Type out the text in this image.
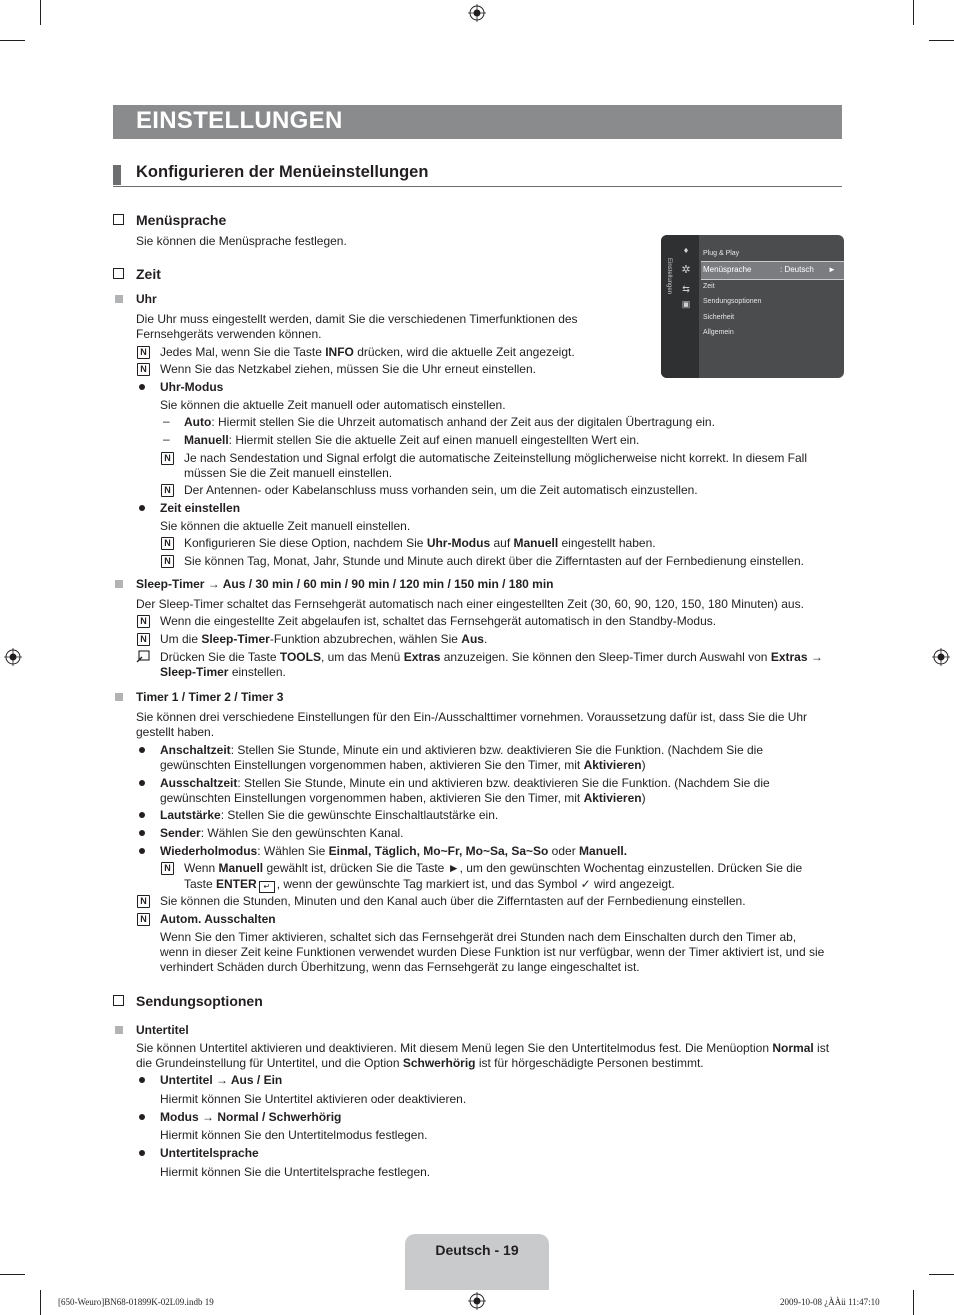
EINSTELLUNGEN
Konfigurieren der Menüeinstellungen
Menüsprache
Sie können die Menüsprache festlegen.
Einstellungen
♦
✲
⇆
▣
Plug & Play
Menüsprache	: Deutsch ►
Zeit
Sendungsoptionen
Sicherheit
Allgemein
Zeit
Uhr
Die Uhr muss eingestellt werden, damit Sie die verschiedenen Timerfunktionen des
Fernsehgeräts verwenden können.
N Jedes Mal, wenn Sie die Taste INFO drücken, wird die aktuelle Zeit angezeigt.
N Wenn Sie das Netzkabel ziehen, müssen Sie die Uhr erneut einstellen.
Uhr-Modus
Sie können die aktuelle Zeit manuell oder automatisch einstellen.
– Auto: Hiermit stellen Sie die Uhrzeit automatisch anhand der Zeit aus der digitalen Übertragung ein.
– Manuell: Hiermit stellen Sie die aktuelle Zeit auf einen manuell eingestellten Wert ein.
N Je nach Sendestation und Signal erfolgt die automatische Zeiteinstellung möglicherweise nicht korrekt. In diesem Fall
müssen Sie die Zeit manuell einstellen.
N Der Antennen- oder Kabelanschluss muss vorhanden sein, um die Zeit automatisch einzustellen.
Zeit einstellen
Sie können die aktuelle Zeit manuell einstellen.
N Konfigurieren Sie diese Option, nachdem Sie Uhr-Modus auf Manuell eingestellt haben.
N Sie können Tag, Monat, Jahr, Stunde und Minute auch direkt über die Zifferntasten auf der Fernbedienung einstellen.
Sleep-Timer → Aus / 30 min / 60 min / 90 min / 120 min / 150 min / 180 min
Der Sleep-Timer schaltet das Fernsehgerät automatisch nach einer eingestellten Zeit (30, 60, 90, 120, 150, 180 Minuten) aus.
N Wenn die eingestellte Zeit abgelaufen ist, schaltet das Fernsehgerät automatisch in den Standby-Modus.
N Um die Sleep-Timer-Funktion abzubrechen, wählen Sie Aus.
Drücken Sie die Taste TOOLS, um das Menü Extras anzuzeigen. Sie können den Sleep-Timer durch Auswahl von Extras →
Sleep-Timer einstellen.
Timer 1 / Timer 2 / Timer 3
Sie können drei verschiedene Einstellungen für den Ein-/Ausschalttimer vornehmen. Voraussetzung dafür ist, dass Sie die Uhr
gestellt haben.
Anschaltzeit: Stellen Sie Stunde, Minute ein und aktivieren bzw. deaktivieren Sie die Funktion. (Nachdem Sie die
gewünschten Einstellungen vorgenommen haben, aktivieren Sie den Timer, mit Aktivieren)
Ausschaltzeit: Stellen Sie Stunde, Minute ein und aktivieren bzw. deaktivieren Sie die Funktion. (Nachdem Sie die
gewünschten Einstellungen vorgenommen haben, aktivieren Sie den Timer, mit Aktivieren)
Lautstärke: Stellen Sie die gewünschte Einschaltlautstärke ein.
Sender: Wählen Sie den gewünschten Kanal.
Wiederholmodus: Wählen Sie Einmal, Täglich, Mo~Fr, Mo~Sa, Sa~So oder Manuell.
N Wenn Manuell gewählt ist, drücken Sie die Taste ►, um den gewünschten Wochentag einzustellen. Drücken Sie die
Taste ENTER ↵ , wenn der gewünschte Tag markiert ist, und das Symbol ✓ wird angezeigt.
N Sie können die Stunden, Minuten und den Kanal auch über die Zifferntasten auf der Fernbedienung einstellen.
N Autom. Ausschalten
Wenn Sie den Timer aktivieren, schaltet sich das Fernsehgerät drei Stunden nach dem Einschalten durch den Timer ab,
wenn in dieser Zeit keine Funktionen verwendet wurden Diese Funktion ist nur verfügbar, wenn der Timer aktiviert ist, und sie
verhindert Schäden durch Überhitzung, wenn das Fernsehgerät zu lange eingeschaltet ist.
Sendungsoptionen
Untertitel
Sie können Untertitel aktivieren und deaktivieren. Mit diesem Menü legen Sie den Untertitelmodus fest. Die Menüoption Normal ist
die Grundeinstellung für Untertitel, und die Option Schwerhörig ist für hörgeschädigte Personen bestimmt.
Untertitel → Aus / Ein
Hiermit können Sie Untertitel aktivieren oder deaktivieren.
Modus → Normal / Schwerhörig
Hiermit können Sie den Untertitelmodus festlegen.
Untertitelsprache
Hiermit können Sie die Untertitelsprache festlegen.
Deutsch - 19
[650-Weuro]BN68-01899K-02L09.indb 19	2009-10-08 ¿ÀÀü 11:47:10
